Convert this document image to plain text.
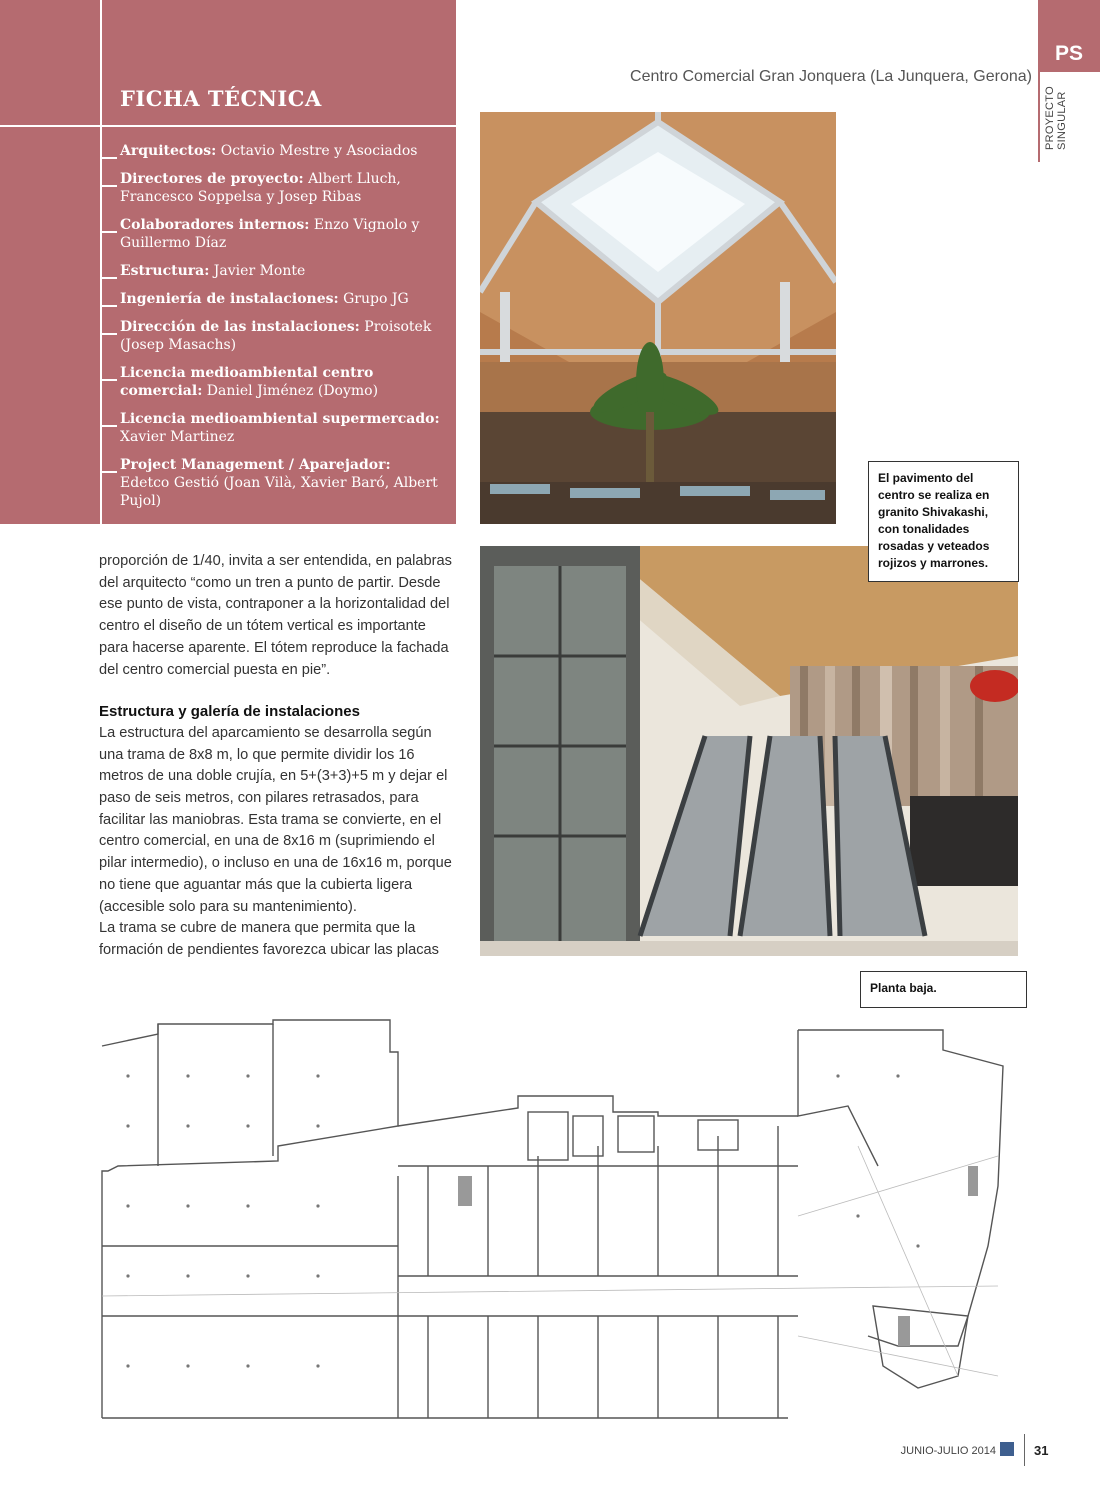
FICHA TÉCNICA
Arquitectos: Octavio Mestre y Asociados
Directores de proyecto: Albert Lluch, Francesco Soppelsa y Josep Ribas
Colaboradores internos: Enzo Vignolo y Guillermo Díaz
Estructura: Javier Monte
Ingeniería de instalaciones: Grupo JG
Dirección de las instalaciones: Proisotek (Josep Masachs)
Licencia medioambiental centro comercial: Daniel Jiménez (Doymo)
Licencia medioambiental supermercado: Xavier Martinez
Project Management / Aparejador: Edetco Gestió (Joan Vilà, Xavier Baró, Albert Pujol)
Centro Comercial Gran Jonquera (La Junquera, Gerona)
PS
PROYECTO SINGULAR
El pavimento del centro se realiza en granito Shivakashi, con tonalidades rosadas y veteados rojizos y marrones.
Planta baja.

proporción de 1/40, invita a ser entendida, en palabras del arquitecto “como un tren a punto de partir. Desde ese punto de vista, contraponer a la horizontalidad del centro el diseño de un tótem vertical es importante para hacerse aparente. El tótem reproduce la fachada del centro comercial puesta en pie”.

Estructura y galería de instalaciones

La estructura del aparcamiento se desarrolla según una trama de 8x8 m, lo que permite dividir los 16 metros de una doble crujía, en 5+(3+3)+5 m y dejar el paso de seis metros, con pilares retrasados, para facilitar las maniobras. Esta trama se convierte, en el centro comercial, en una de 8x16 m (suprimiendo el pilar intermedio), o incluso en una de 16x16 m, porque no tiene que aguantar más que la cubierta ligera (accesible solo para su mantenimiento).

La trama se cubre de manera que permita que la formación de pendientes favorezca ubicar las placas

JUNIO-JULIO 2014	31
